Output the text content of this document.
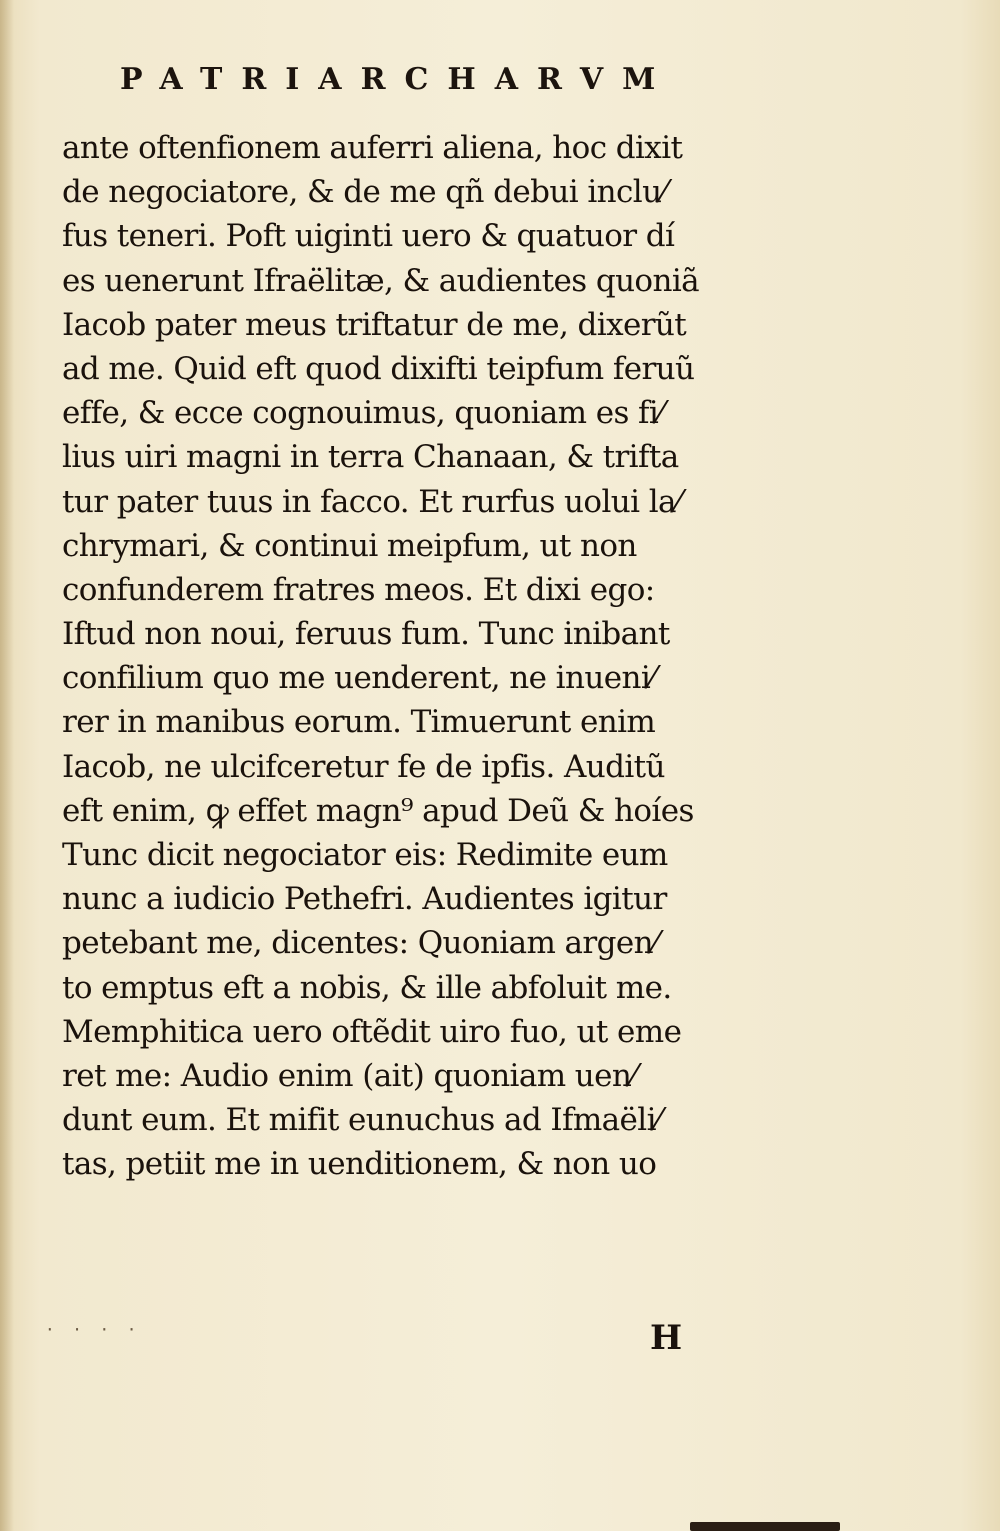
PATRIARCHARVM
ante oftenfionem auferri aliena, hoc dixit
de negociatore, & de me qñ debui inclu⁄
fus teneri. Poft uiginti uero & quatuor dí
es uenerunt Ifraëlitæ, & audientes quoniã
Iacob pater meus triftatur de me, dixerũt
ad me. Quid eft quod dixifti teipfum feruũ
effe, & ecce cognouimus, quoniam es fi⁄
lius uiri magni in terra Chanaan, & trifta
tur pater tuus in facco. Et rurfus uolui la⁄
chrymari, & continui meipfum, ut non
confunderem fratres meos. Et dixi ego:
Iftud non noui, feruus fum. Tunc inibant
confilium quo me uenderent, ne inueni⁄
rer in manibus eorum. Timuerunt enim
Iacob, ne ulcifceretur fe de ipfis. Auditũ
eft enim, ꝙ effet magn⁹ apud Deũ & hoíes
Tunc dicit negociator eis: Redimite eum
nunc a iudicio Pethefri. Audientes igitur
petebant me, dicentes: Quoniam argen⁄
to emptus eft a nobis, & ille abfoluit me.
Memphitica uero oftẽdit uiro fuo, ut eme
ret me: Audio enim (ait) quoniam uen⁄
dunt eum. Et mifit eunuchus ad Ifmaëli⁄
tas, petiit me in uenditionem, & non uo
· · · ·	H
